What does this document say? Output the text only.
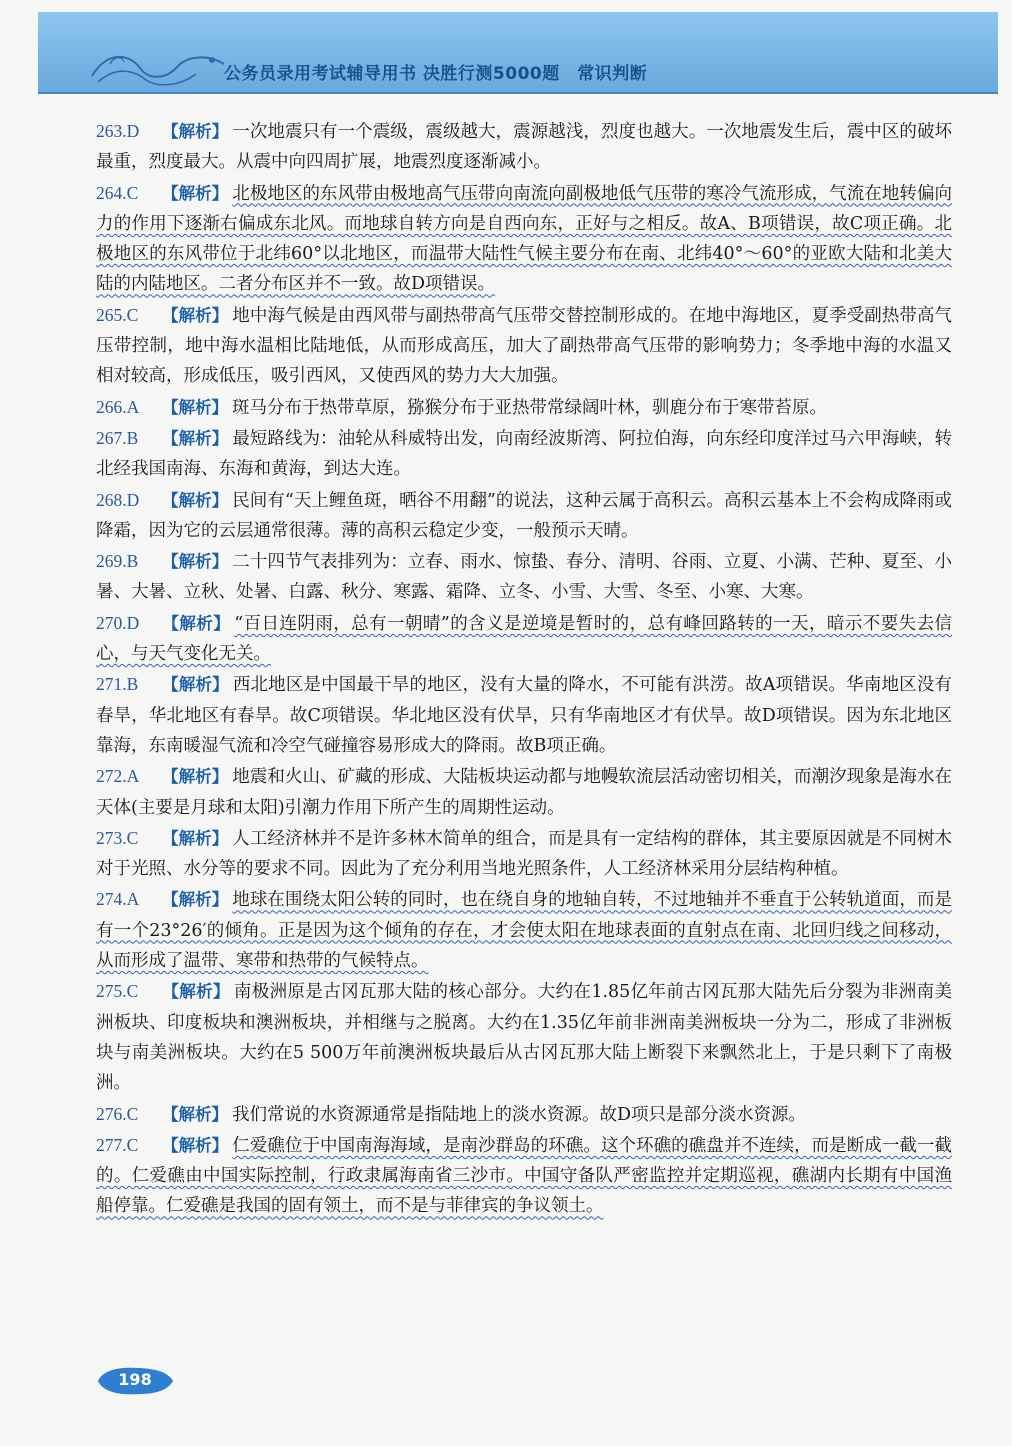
公务员录用考试辅导用书 决胜行测5000题　常识判断

263.D 【解析】 一次地震只有一个震级，震级越大，震源越浅，烈度也越大。一次地震发生后，震中区的破坏最重，烈度最大。从震中向四周扩展，地震烈度逐渐减小。

264.C 【解析】 北极地区的东风带由极地高气压带向南流向副极地低气压带的寒冷气流形成，气流在地转偏向力的作用下逐渐右偏成东北风。而地球自转方向是自西向东，正好与之相反。故A、B项错误，故C项正确。北极地区的东风带位于北纬60°以北地区，而温带大陆性气候主要分布在南、北纬40°～60°的亚欧大陆和北美大陆的内陆地区。二者分布区并不一致。故D项错误。

265.C 【解析】 地中海气候是由西风带与副热带高气压带交替控制形成的。在地中海地区，夏季受副热带高气压带控制，地中海水温相比陆地低，从而形成高压，加大了副热带高气压带的影响势力；冬季地中海的水温又相对较高，形成低压，吸引西风，又使西风的势力大大加强。

266.A 【解析】 斑马分布于热带草原，猕猴分布于亚热带常绿阔叶林，驯鹿分布于寒带苔原。

267.B 【解析】 最短路线为：油轮从科威特出发，向南经波斯湾、阿拉伯海，向东经印度洋过马六甲海峡，转北经我国南海、东海和黄海，到达大连。

268.D 【解析】 民间有“天上鲤鱼斑，晒谷不用翻”的说法，这种云属于高积云。高积云基本上不会构成降雨或降霜，因为它的云层通常很薄。薄的高积云稳定少变，一般预示天晴。

269.B 【解析】 二十四节气表排列为：立春、雨水、惊蛰、春分、清明、谷雨、立夏、小满、芒种、夏至、小暑、大暑、立秋、处暑、白露、秋分、寒露、霜降、立冬、小雪、大雪、冬至、小寒、大寒。

270.D 【解析】 “百日连阴雨，总有一朝晴”的含义是逆境是暂时的，总有峰回路转的一天，暗示不要失去信心，与天气变化无关。

271.B 【解析】 西北地区是中国最干旱的地区，没有大量的降水，不可能有洪涝。故A项错误。华南地区没有春旱，华北地区有春旱。故C项错误。华北地区没有伏旱，只有华南地区才有伏旱。故D项错误。因为东北地区靠海，东南暖湿气流和冷空气碰撞容易形成大的降雨。故B项正确。

272.A 【解析】 地震和火山、矿藏的形成、大陆板块运动都与地幔软流层活动密切相关，而潮汐现象是海水在天体(主要是月球和太阳)引潮力作用下所产生的周期性运动。

273.C 【解析】 人工经济林并不是许多林木简单的组合，而是具有一定结构的群体，其主要原因就是不同树木对于光照、水分等的要求不同。因此为了充分利用当地光照条件，人工经济林采用分层结构种植。

274.A 【解析】 地球在围绕太阳公转的同时，也在绕自身的地轴自转，不过地轴并不垂直于公转轨道面，而是有一个23°26′的倾角。正是因为这个倾角的存在，才会使太阳在地球表面的直射点在南、北回归线之间移动，从而形成了温带、寒带和热带的气候特点。

275.C 【解析】 南极洲原是古冈瓦那大陆的核心部分。大约在1.85亿年前古冈瓦那大陆先后分裂为非洲南美洲板块、印度板块和澳洲板块，并相继与之脱离。大约在1.35亿年前非洲南美洲板块一分为二，形成了非洲板块与南美洲板块。大约在5 500万年前澳洲板块最后从古冈瓦那大陆上断裂下来飘然北上，于是只剩下了南极洲。

276.C 【解析】 我们常说的水资源通常是指陆地上的淡水资源。故D项只是部分淡水资源。

277.C 【解析】 仁爱礁位于中国南海海域，是南沙群岛的环礁。这个环礁的礁盘并不连续，而是断成一截一截的。仁爱礁由中国实际控制，行政隶属海南省三沙市。中国守备队严密监控并定期巡视，礁湖内长期有中国渔船停靠。仁爱礁是我国的固有领土，而不是与菲律宾的争议领土。

198
